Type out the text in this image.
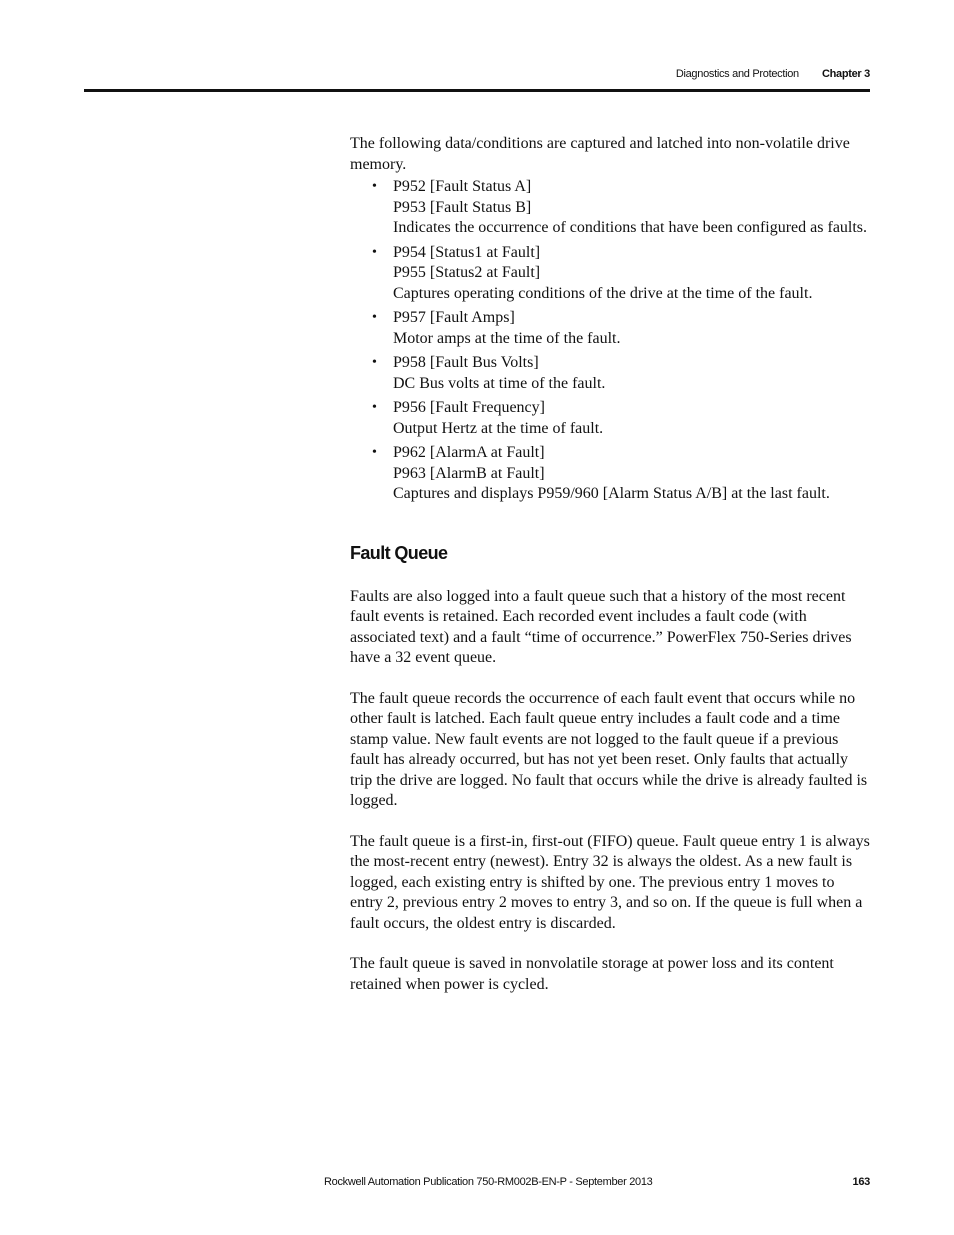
Diagnostics and Protection Chapter 3

The following data/conditions are captured and latched into non-volatile drive memory.

• P952 [Fault Status A]
P953 [Fault Status B]
Indicates the occurrence of conditions that have been configured as faults.
• P954 [Status1 at Fault]
P955 [Status2 at Fault]
Captures operating conditions of the drive at the time of the fault.
• P957 [Fault Amps]
Motor amps at the time of the fault.
• P958 [Fault Bus Volts]
DC Bus volts at time of the fault.
• P956 [Fault Frequency]
Output Hertz at the time of fault.
• P962 [AlarmA at Fault]
P963 [AlarmB at Fault]
Captures and displays P959/960 [Alarm Status A/B] at the last fault.
Fault Queue

Faults are also logged into a fault queue such that a history of the most recent fault events is retained. Each recorded event includes a fault code (with associated text) and a fault “time of occurrence.” PowerFlex 750-Series drives have a 32 event queue.

The fault queue records the occurrence of each fault event that occurs while no other fault is latched. Each fault queue entry includes a fault code and a time stamp value. New fault events are not logged to the fault queue if a previous fault has already occurred, but has not yet been reset. Only faults that actually trip the drive are logged. No fault that occurs while the drive is already faulted is logged.

The fault queue is a first-in, first-out (FIFO) queue. Fault queue entry 1 is always the most-recent entry (newest). Entry 32 is always the oldest. As a new fault is logged, each existing entry is shifted by one. The previous entry 1 moves to entry 2, previous entry 2 moves to entry 3, and so on. If the queue is full when a fault occurs, the oldest entry is discarded.

The fault queue is saved in nonvolatile storage at power loss and its content retained when power is cycled.

Rockwell Automation Publication 750-RM002B-EN-P - September 2013	163
